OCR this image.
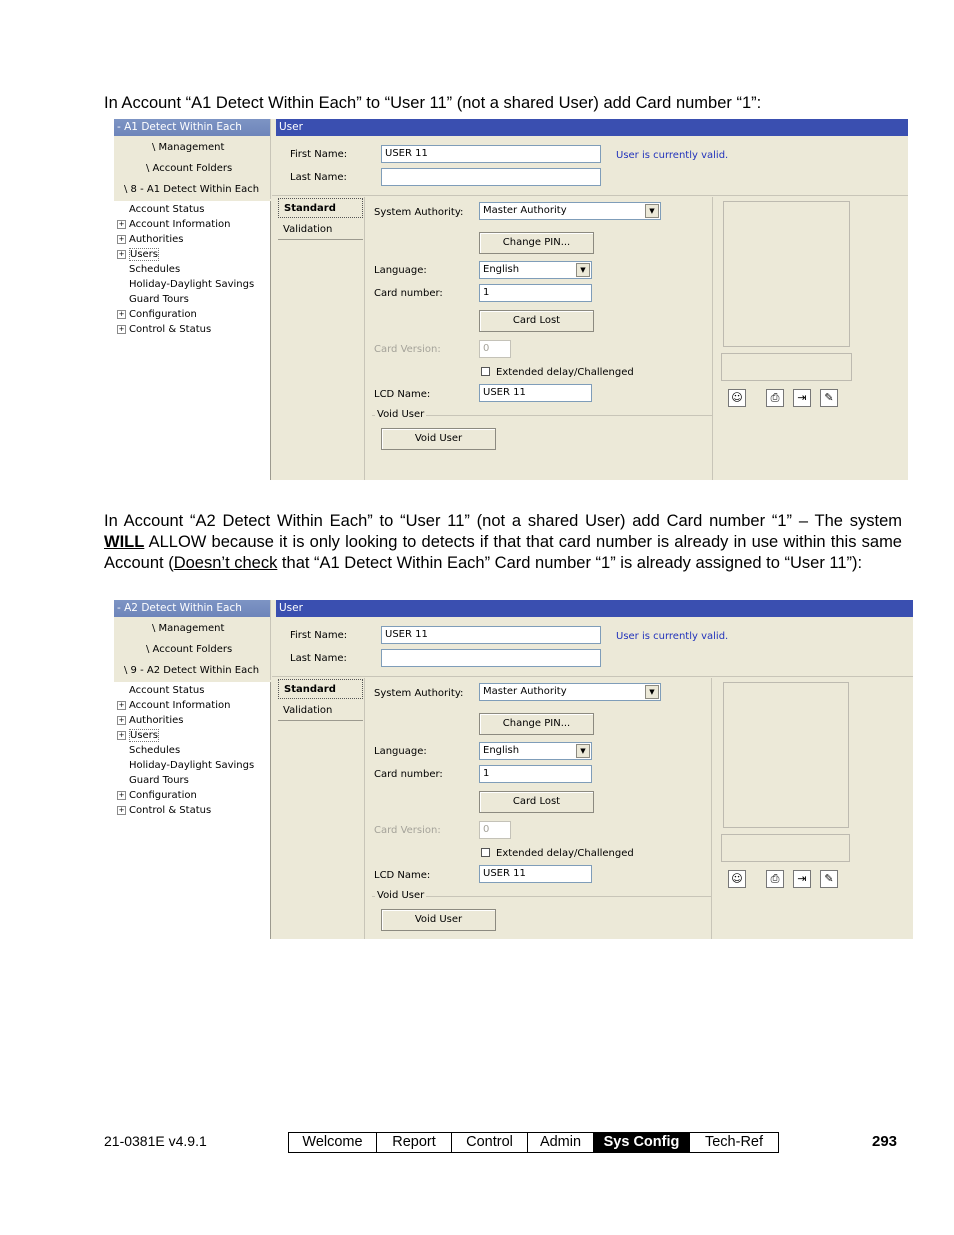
In Account “A1 Detect Within Each” to “User 11” (not a shared User) add Card number “1”:

- A1 Detect Within Each
\ Management
\ Account Folders
\ 8 - A1 Detect Within Each
Account Status
+ Account Information
+ Authorities
+ Users
Schedules
Holiday-Daylight Savings
Guard Tours
+ Configuration
+ Control & Status
User
First Name:	USER 11	User is currently valid.
Last Name:
Standard
Validation
System Authority:	Master Authority	▼
Change PIN...
Language:	English	▼
Card number:	1
Card Lost
Card Version:	0
Extended delay/Challenged
LCD Name:	USER 11
Void User
Void User
☺	⎙	⇥	✎

In Account “A2 Detect Within Each” to “User 11” (not a shared User) add Card number “1” – The system WILL ALLOW because it is only looking to detects if that that card number is already in use within this same Account (Doesn’t check that “A1 Detect Within Each” Card number “1” is already assigned to “User 11”):

- A2 Detect Within Each
\ Management
\ Account Folders
\ 9 - A2 Detect Within Each
Account Status
+ Account Information
+ Authorities
+ Users
Schedules
Holiday-Daylight Savings
Guard Tours
+ Configuration
+ Control & Status
User
First Name:	USER 11	User is currently valid.
Last Name:
Standard
Validation
System Authority:	Master Authority	▼
Change PIN...
Language:	English	▼
Card number:	1
Card Lost
Card Version:	0
Extended delay/Challenged
LCD Name:	USER 11
Void User
Void User
☺	⎙	⇥	✎
21-0381E v4.9.1	Welcome	Report	Control	Admin	Sys Config	Tech-Ref	293
